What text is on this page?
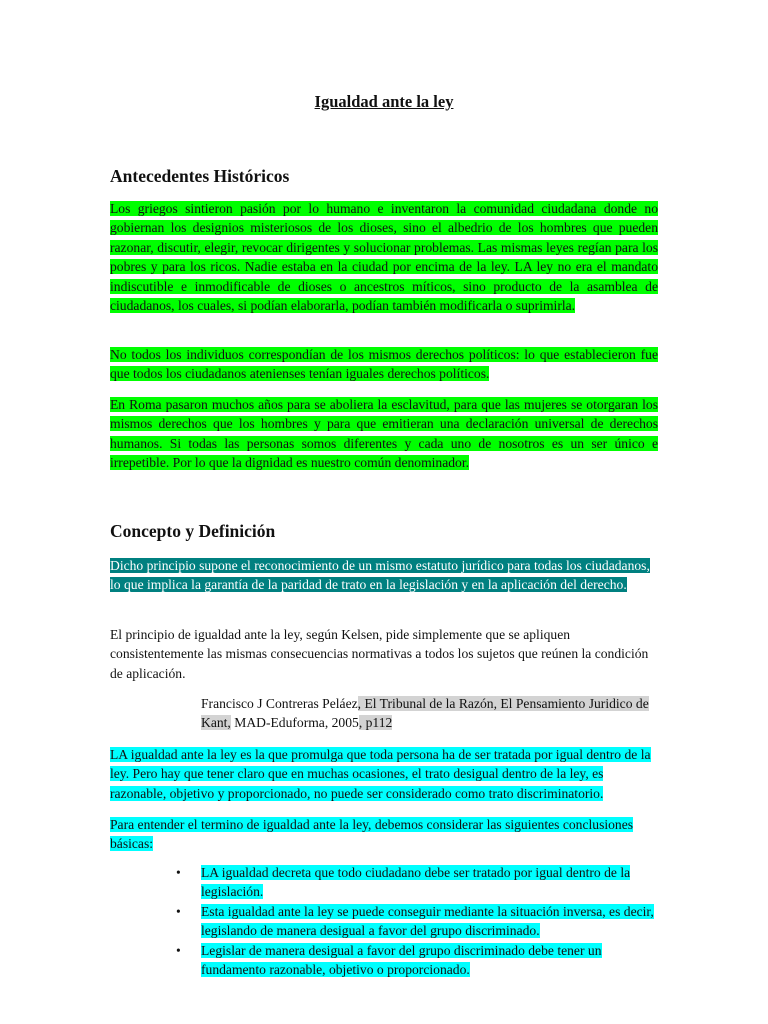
Igualdad ante la ley
Antecedentes Históricos

Los griegos sintieron pasión por lo humano e inventaron la comunidad ciudadana donde no gobiernan los designios misteriosos de los dioses, sino el albedrio de los hombres que pueden razonar, discutir, elegir, revocar dirigentes y solucionar problemas. Las mismas leyes regían para los pobres y para los ricos. Nadie estaba en la ciudad por encima de la ley. LA ley no era el mandato indiscutible e inmodificable de dioses o ancestros míticos, sino producto de la asamblea de ciudadanos, los cuales, si podían elaborarla, podían también modificarla o suprimirla.

No todos los individuos correspondían de los mismos derechos políticos: lo que establecieron fue que todos los ciudadanos atenienses tenían iguales derechos políticos.

En Roma pasaron muchos años para se aboliera la esclavitud, para que las mujeres se otorgaran los mismos derechos que los hombres y para que emitieran una declaración universal de derechos humanos. Si todas las personas somos diferentes y cada uno de nosotros es un ser único e irrepetible. Por lo que la dignidad es nuestro común denominador.

Concepto y Definición

Dicho principio supone el reconocimiento de un mismo estatuto jurídico para todas los ciudadanos, lo que implica la garantía de la paridad de trato en la legislación y en la aplicación del derecho.

El principio de igualdad ante la ley, según Kelsen, pide simplemente que se apliquen consistentemente las mismas consecuencias normativas a todos los sujetos que reúnen la condición de aplicación.

Francisco J Contreras Peláez, El Tribunal de la Razón, El Pensamiento Juridico de Kant, MAD-Eduforma, 2005, p112

LA igualdad ante la ley es la que promulga que toda persona ha de ser tratada por igual dentro de la ley. Pero hay que tener claro que en muchas ocasiones, el trato desigual dentro de la ley, es razonable, objetivo y proporcionado, no puede ser considerado como trato discriminatorio.

Para entender el termino de igualdad ante la ley, debemos considerar las siguientes conclusiones básicas:

• LA igualdad decreta que todo ciudadano debe ser tratado por igual dentro de la legislación.
• Esta igualdad ante la ley se puede conseguir mediante la situación inversa, es decir, legislando de manera desigual a favor del grupo discriminado.
• Legislar de manera desigual a favor del grupo discriminado debe tener un fundamento razonable, objetivo o proporcionado.
